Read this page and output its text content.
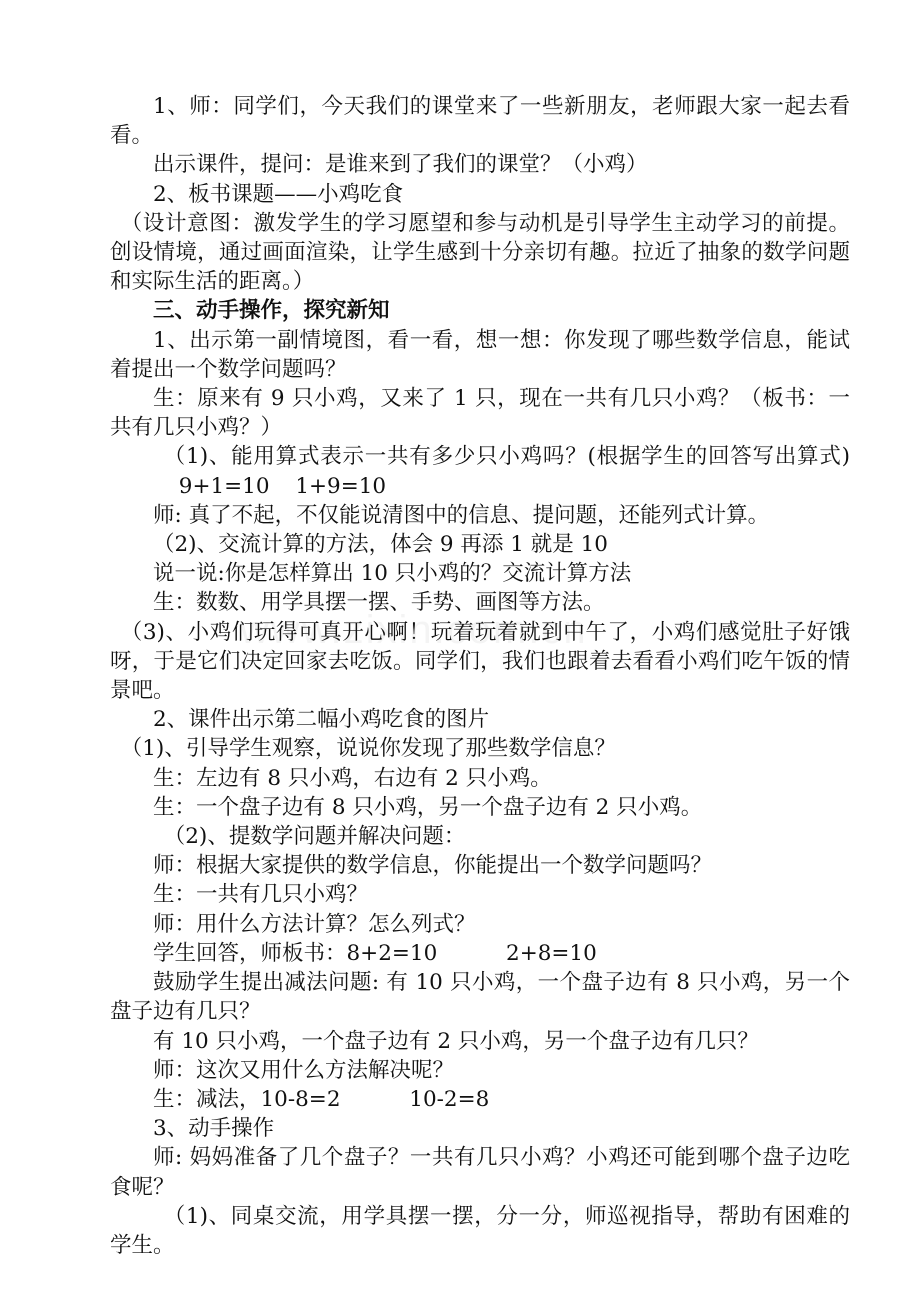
1、师：同学们，今天我们的课堂来了一些新朋友，老师跟大家一起去看看。

出示课件，提问：是谁来到了我们的课堂？（小鸡）

2、板书课题——小鸡吃食

（设计意图：激发学生的学习愿望和参与动机是引导学生主动学习的前提。创设情境，通过画面渲染，让学生感到十分亲切有趣。拉近了抽象的数学问题和实际生活的距离。）

三、动手操作，探究新知

1、出示第一副情境图，看一看，想一想：你发现了哪些数学信息，能试着提出一个数学问题吗？

生：原来有 9 只小鸡，又来了 1 只，现在一共有几只小鸡？（板书：一共有几只小鸡？）

（1)、能用算式表示一共有多少只小鸡吗？(根据学生的回答写出算式)9+1=10 1+9=10

师: 真了不起，不仅能说清图中的信息、提问题，还能列式计算。

（2)、交流计算的方法，体会 9 再添 1 就是 10

说一说:你是怎样算出 10 只小鸡的？交流计算方法

生：数数、用学具摆一摆、手势、画图等方法。

（3)、小鸡们玩得可真开心啊！玩着玩着就到中午了，小鸡们感觉肚子好饿呀，于是它们决定回家去吃饭。同学们，我们也跟着去看看小鸡们吃午饭的情景吧。

2、课件出示第二幅小鸡吃食的图片

（1)、引导学生观察，说说你发现了那些数学信息？

生：左边有 8 只小鸡，右边有 2 只小鸡。

生：一个盘子边有 8 只小鸡，另一个盘子边有 2 只小鸡。

（2)、提数学问题并解决问题：

师：根据大家提供的数学信息，你能提出一个数学问题吗？

生：一共有几只小鸡？

师：用什么方法计算？怎么列式？

学生回答，师板书：8+2=10	2+8=10

鼓励学生提出减法问题: 有 10 只小鸡，一个盘子边有 8 只小鸡，另一个盘子边有几只？

有 10 只小鸡，一个盘子边有 2 只小鸡，另一个盘子边有几只？

师：这次又用什么方法解决呢？

生：减法，10-8=2	10-2=8

3、动手操作

师: 妈妈准备了几个盘子？一共有几只小鸡？小鸡还可能到哪个盘子边吃食呢？

（1)、同桌交流，用学具摆一摆，分一分，师巡视指导，帮助有困难的学生。
